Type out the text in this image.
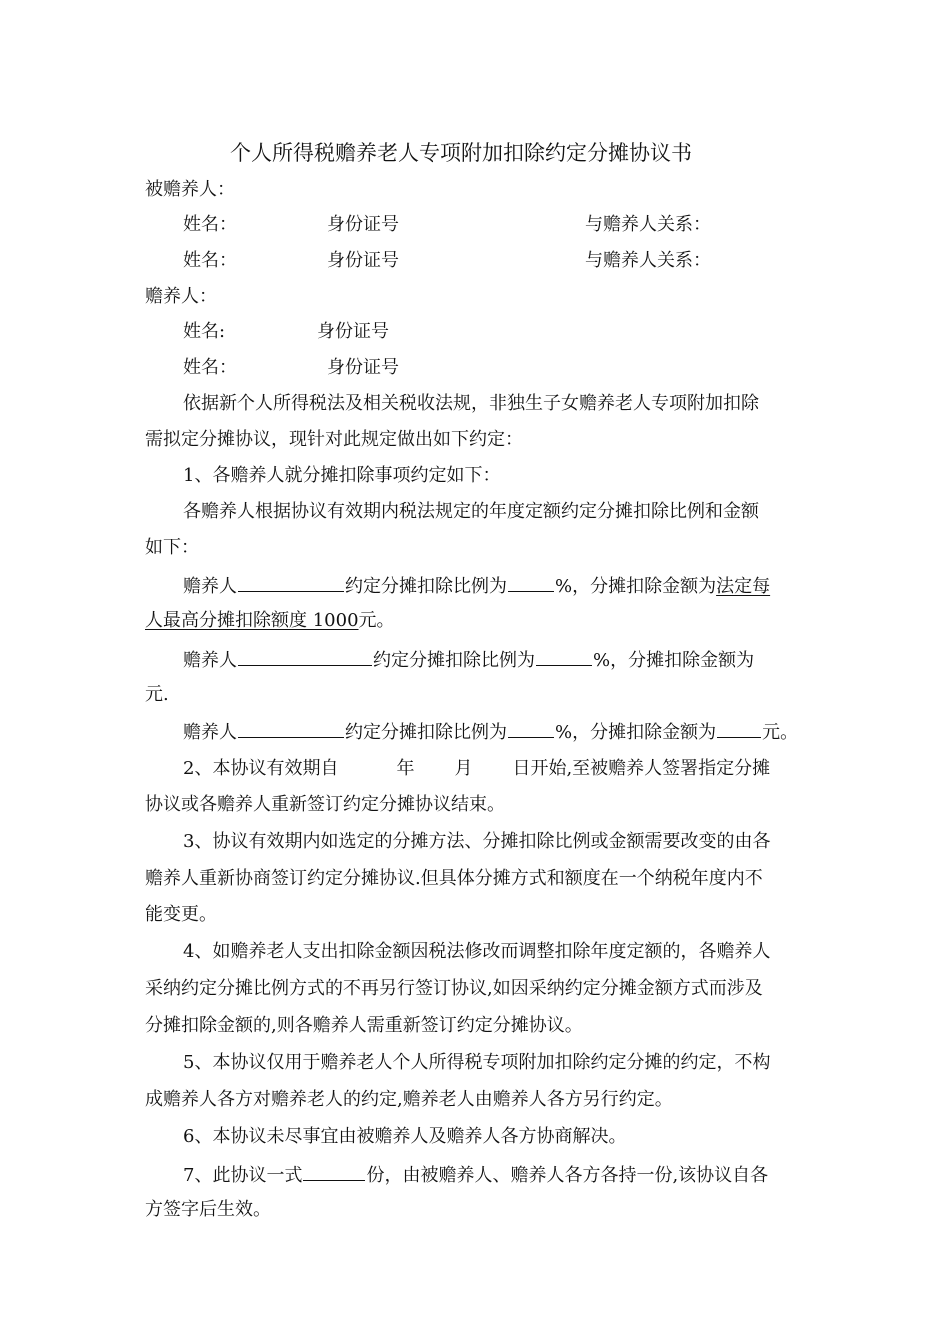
个人所得税赡养老人专项附加扣除约定分摊协议书
被赡养人：
姓名：	身份证号	与赡养人关系：
姓名：	身份证号	与赡养人关系：
赡养人：
姓名:	身份证号
姓名：	身份证号
依据新个人所得税法及相关税收法规，非独生子女赡养老人专项附加扣除
需拟定分摊协议，现针对此规定做出如下约定：
1、各赡养人就分摊扣除事项约定如下：
各赡养人根据协议有效期内税法规定的年度定额约定分摊扣除比例和金额
如下：
赡养人	约定分摊扣除比例为	%，分摊扣除金额为法定每
人最高分摊扣除额度 1000元。
赡养人	约定分摊扣除比例为	%，分摊扣除金额为
元.
赡养人	约定分摊扣除比例为	%，分摊扣除金额为	元。
2、本协议有效期自	年 月 日开始,至被赡养人签署指定分摊
协议或各赡养人重新签订约定分摊协议结束。
3、协议有效期内如选定的分摊方法、分摊扣除比例或金额需要改变的由各
赡养人重新协商签订约定分摊协议.但具体分摊方式和额度在一个纳税年度内不
能变更。
4、如赡养老人支出扣除金额因税法修改而调整扣除年度定额的，各赡养人
采纳约定分摊比例方式的不再另行签订协议,如因采纳约定分摊金额方式而涉及
分摊扣除金额的,则各赡养人需重新签订约定分摊协议。
5、本协议仅用于赡养老人个人所得税专项附加扣除约定分摊的约定，不构
成赡养人各方对赡养老人的约定,赡养老人由赡养人各方另行约定。
6、本协议未尽事宜由被赡养人及赡养人各方协商解决。
7、此协议一式	份，由被赡养人、赡养人各方各持一份,该协议自各
方签字后生效。
